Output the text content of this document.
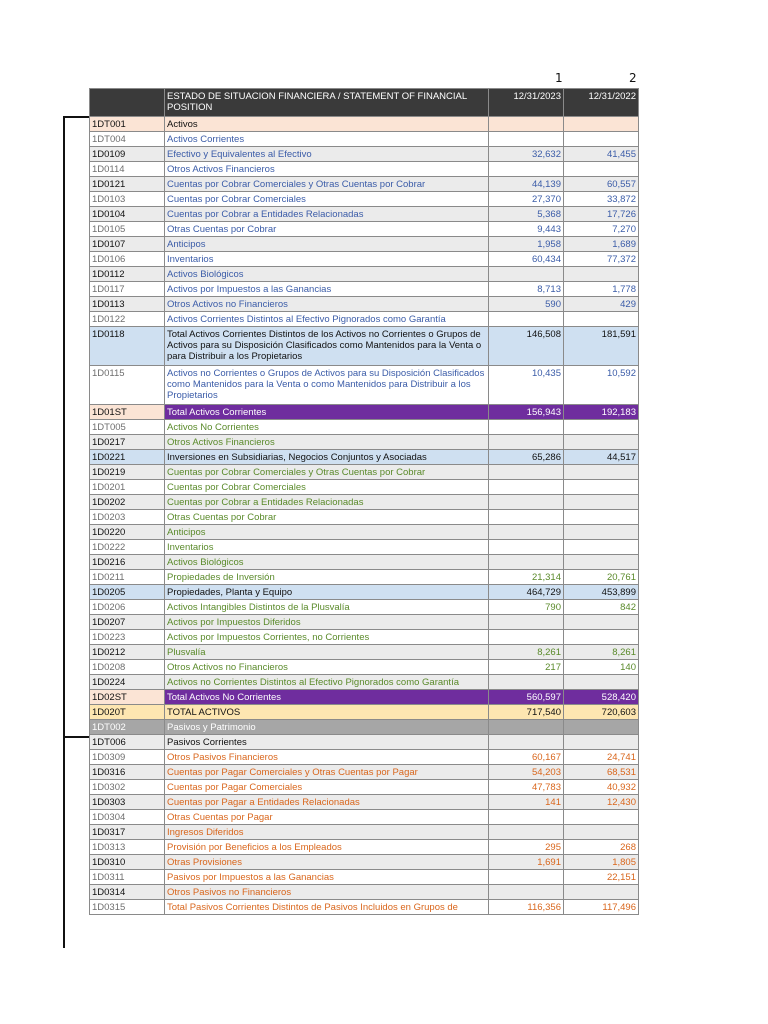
1	2
	ESTADO DE SITUACION FINANCIERA / STATEMENT OF FINANCIAL POSITION	12/31/2023	12/31/2022
1DT001	Activos		
1DT004	Activos Corrientes		
1D0109	Efectivo y Equivalentes al Efectivo	32,632	41,455
1D0114	Otros Activos Financieros		
1D0121	Cuentas por Cobrar Comerciales y Otras Cuentas por Cobrar	44,139	60,557
1D0103	Cuentas por Cobrar Comerciales	27,370	33,872
1D0104	Cuentas por Cobrar a Entidades Relacionadas	5,368	17,726
1D0105	Otras Cuentas por Cobrar	9,443	7,270
1D0107	Anticipos	1,958	1,689
1D0106	Inventarios	60,434	77,372
1D0112	Activos Biológicos		
1D0117	Activos por Impuestos a las Ganancias	8,713	1,778
1D0113	Otros Activos no Financieros	590	429
1D0122	Activos Corrientes Distintos al Efectivo Pignorados como Garantía		
1D0118	Total Activos Corrientes Distintos de los Activos no Corrientes o Grupos de Activos para su Disposición Clasificados como Mantenidos para la Venta o para Distribuir a los Propietarios	146,508	181,591
1D0115	Activos no Corrientes o Grupos de Activos para su Disposición Clasificados como Mantenidos para la Venta o como Mantenidos para Distribuir a los Propietarios	10,435	10,592
1D01ST	Total Activos Corrientes	156,943	192,183
1DT005	Activos No Corrientes		
1D0217	Otros Activos Financieros		
1D0221	Inversiones en Subsidiarias, Negocios Conjuntos y Asociadas	65,286	44,517
1D0219	Cuentas por Cobrar Comerciales y Otras Cuentas por Cobrar		
1D0201	Cuentas por Cobrar Comerciales		
1D0202	Cuentas por Cobrar a Entidades Relacionadas		
1D0203	Otras Cuentas por Cobrar		
1D0220	Anticipos		
1D0222	Inventarios		
1D0216	Activos Biológicos		
1D0211	Propiedades de Inversión	21,314	20,761
1D0205	Propiedades, Planta y Equipo	464,729	453,899
1D0206	Activos Intangibles Distintos de la Plusvalía	790	842
1D0207	Activos por Impuestos Diferidos		
1D0223	Activos por Impuestos Corrientes, no Corrientes		
1D0212	Plusvalía	8,261	8,261
1D0208	Otros Activos no Financieros	217	140
1D0224	Activos no Corrientes Distintos al Efectivo Pignorados como Garantía		
1D02ST	Total Activos No Corrientes	560,597	528,420
1D020T	TOTAL ACTIVOS	717,540	720,603
1DT002	Pasivos y Patrimonio		
1DT006	Pasivos Corrientes		
1D0309	Otros Pasivos Financieros	60,167	24,741
1D0316	Cuentas por Pagar Comerciales y Otras Cuentas por Pagar	54,203	68,531
1D0302	Cuentas por Pagar Comerciales	47,783	40,932
1D0303	Cuentas por Pagar a Entidades Relacionadas	141	12,430
1D0304	Otras Cuentas por Pagar		
1D0317	Ingresos Diferidos		
1D0313	Provisión por Beneficios a los Empleados	295	268
1D0310	Otras Provisiones	1,691	1,805
1D0311	Pasivos por Impuestos a las Ganancias		22,151
1D0314	Otros Pasivos no Financieros		
1D0315	Total Pasivos Corrientes Distintos de Pasivos Incluidos en Grupos de	116,356	117,496
